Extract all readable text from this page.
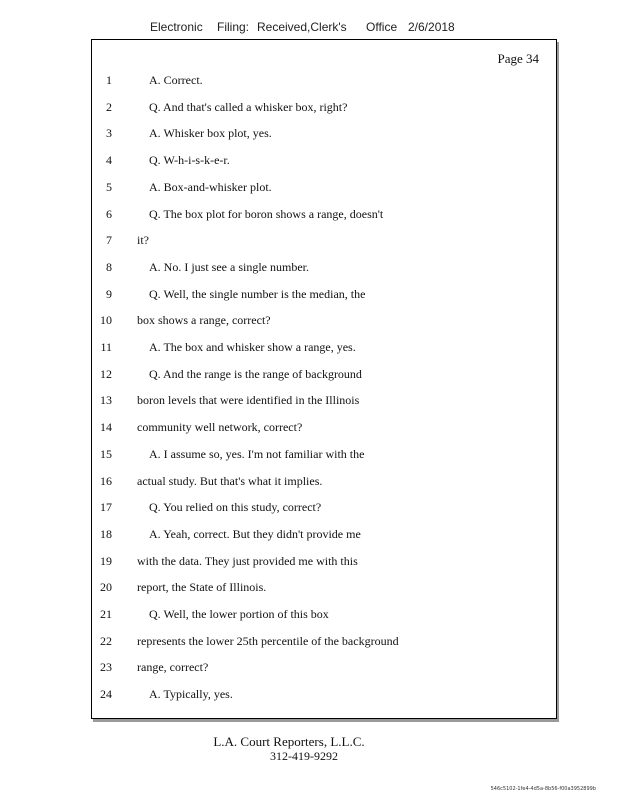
Electronic Filing: Received,Clerk's Office 2/6/2018
Page 34
1	A. Correct.
2	Q. And that's called a whisker box, right?
3	A. Whisker box plot, yes.
4	Q. W-h-i-s-k-e-r.
5	A. Box-and-whisker plot.
6	Q. The box plot for boron shows a range, doesn't
7 it?
8	A. No. I just see a single number.
9	Q. Well, the single number is the median, the
10 box shows a range, correct?
11	A. The box and whisker show a range, yes.
12	Q. And the range is the range of background
13 boron levels that were identified in the Illinois
14 community well network, correct?
15	A. I assume so, yes. I'm not familiar with the
16 actual study. But that's what it implies.
17	Q. You relied on this study, correct?
18	A. Yeah, correct. But they didn't provide me
19 with the data. They just provided me with this
20 report, the State of Illinois.
21	Q. Well, the lower portion of this box
22 represents the lower 25th percentile of the background
23 range, correct?
24	A. Typically, yes.
L.A. Court Reporters, L.L.C.
312-419-9292
546c5102-1fe4-4d5a-8b56-f00a3952899b
